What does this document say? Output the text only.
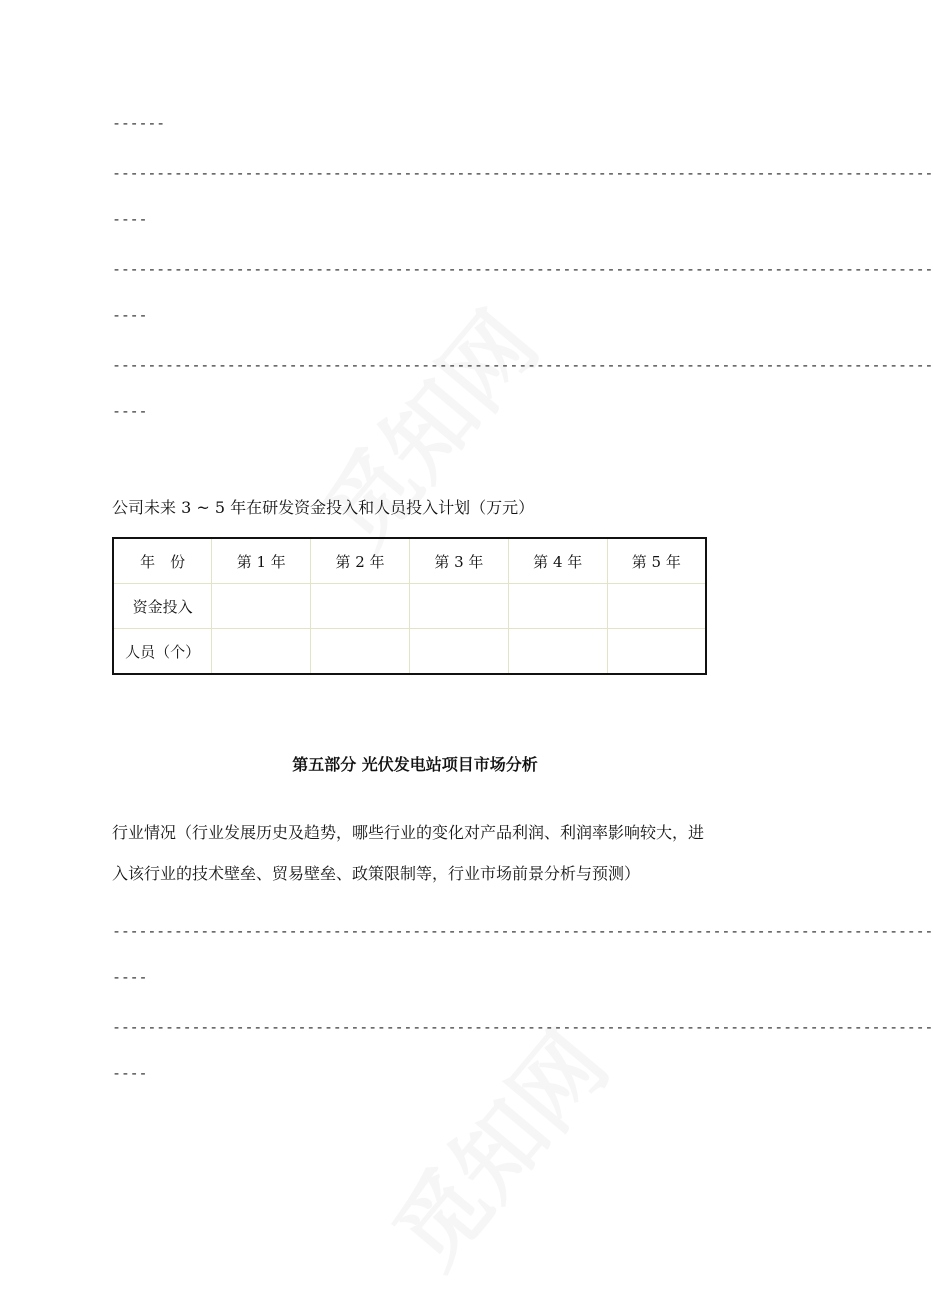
------
---------------------------------------------------------------------------------------------
----
---------------------------------------------------------------------------------------------
----
---------------------------------------------------------------------------------------------
----
公司未来 3 ~ 5 年在研发资金投入和人员投入计划（万元）
年　份	第 1 年	第 2 年	第 3 年	第 4 年	第 5 年
资金投入					
人员（个）					
第五部分 光伏发电站项目市场分析
行业情况（行业发展历史及趋势，哪些行业的变化对产品利润、利润率影响较大，进
入该行业的技术壁垒、贸易壁垒、政策限制等，行业市场前景分析与预测）
---------------------------------------------------------------------------------------------
----
---------------------------------------------------------------------------------------------
----
